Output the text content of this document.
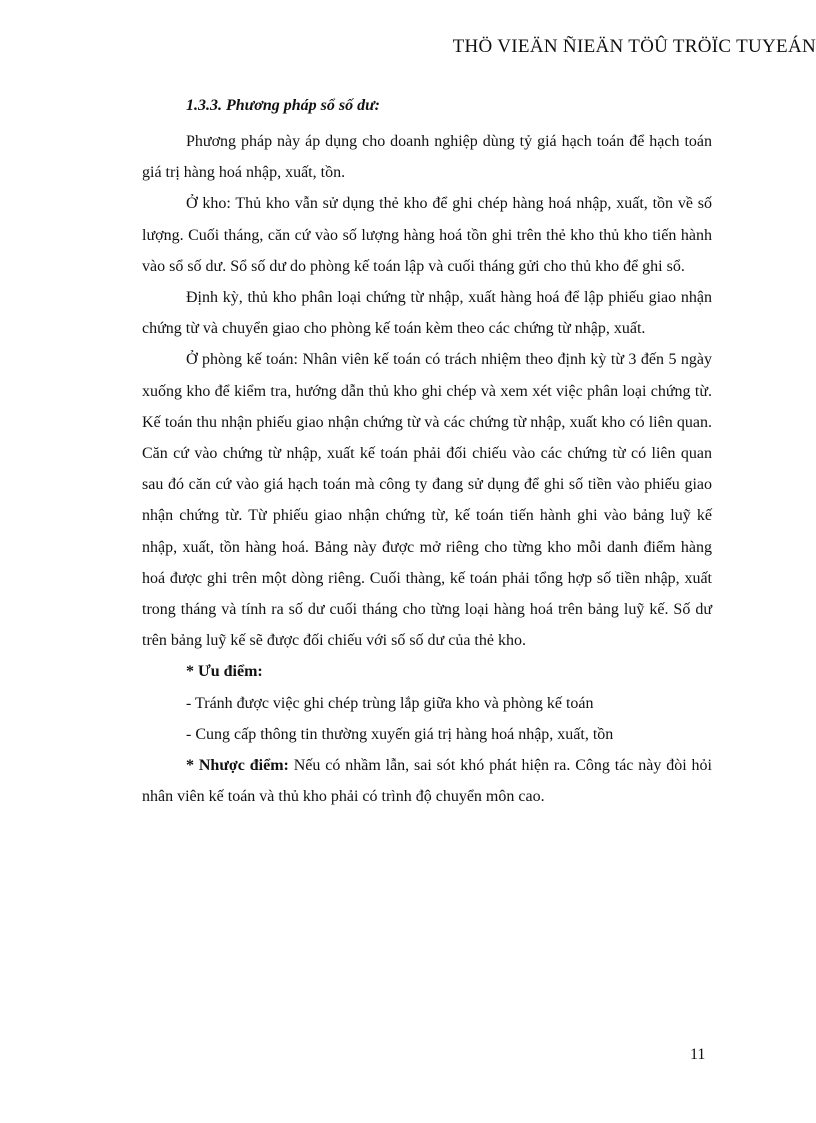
THÖ VIEÄN ÑIEÄN TÖÛ TRÖÏC TUYEÁN

1.3.3. Phương pháp sổ số dư:

Phương pháp này áp dụng cho doanh nghiệp dùng tỷ giá hạch toán để hạch toán giá trị hàng hoá nhập, xuất, tồn.

Ở kho: Thủ kho vẫn sử dụng thẻ kho để ghi chép hàng hoá nhập, xuất, tồn về số lượng. Cuối tháng, căn cứ vào số lượng hàng hoá tồn ghi trên thẻ kho thủ kho tiến hành vào sổ số dư. Sổ số dư do phòng kế toán lập và cuối tháng gửi cho thủ kho để ghi sổ.

Định kỳ, thủ kho phân loại chứng từ nhập, xuất hàng hoá để lập phiếu giao nhận chứng từ và chuyển giao cho phòng kế toán kèm theo các chứng từ nhập, xuất.

Ở phòng kế toán: Nhân viên kế toán có trách nhiệm theo định kỳ từ 3 đến 5 ngày xuống kho để kiểm tra, hướng dẫn thủ kho ghi chép và xem xét việc phân loại chứng từ. Kế toán thu nhận phiếu giao nhận chứng từ và các chứng từ nhập, xuất kho có liên quan. Căn cứ vào chứng từ nhập, xuất kế toán phải đối chiếu vào các chứng từ có liên quan sau đó căn cứ vào giá hạch toán mà công ty đang sử dụng để ghi số tiền vào phiếu giao nhận chứng từ. Từ phiếu giao nhận chứng từ, kế toán tiến hành ghi vào bảng luỹ kế nhập, xuất, tồn hàng hoá. Bảng này được mở riêng cho từng kho mỗi danh điểm hàng hoá được ghi trên một dòng riêng. Cuối thàng, kế toán phải tổng hợp số tiền nhập, xuất trong tháng và tính ra số dư cuối tháng cho từng loại hàng hoá trên bảng luỹ kế. Số dư trên bảng luỹ kế sẽ được đối chiếu với số số dư của thẻ kho.

* Ưu điểm:

- Tránh được việc ghi chép trùng lắp giữa kho và phòng kế toán

- Cung cấp thông tin thường xuyến giá trị hàng hoá nhập, xuất, tồn

* Nhược điểm: Nếu có nhầm lẫn, sai sót khó phát hiện ra. Công tác này đòi hỏi nhân viên kế toán và thủ kho phải có trình độ chuyển môn cao.

11
